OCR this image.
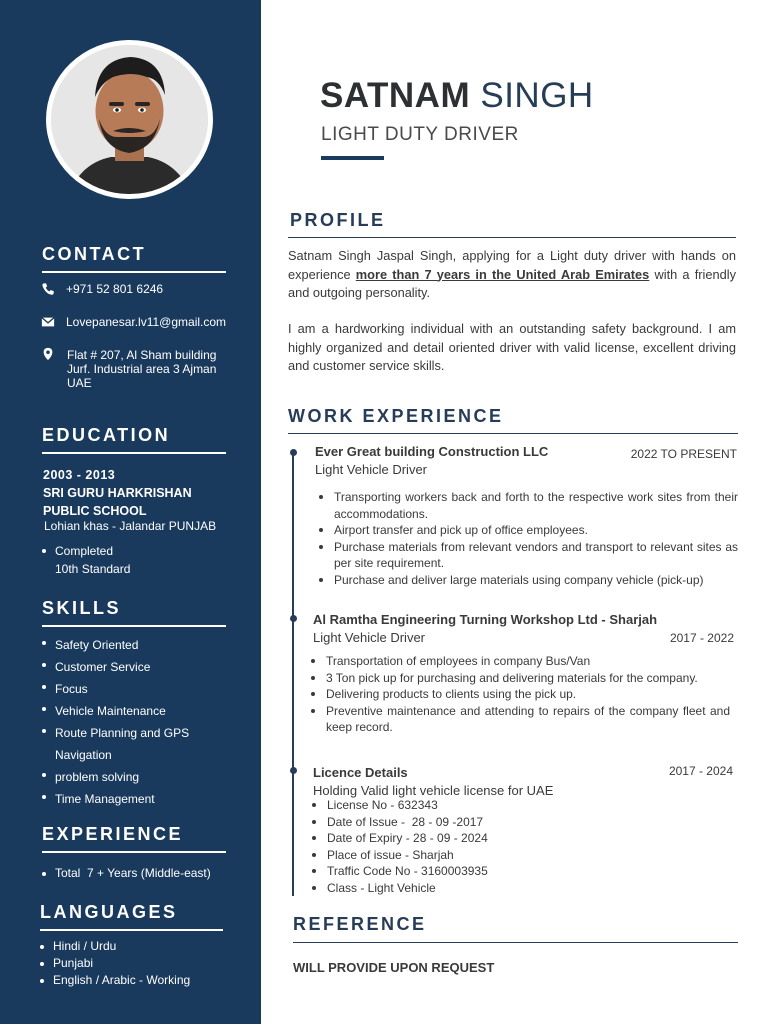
CONTACT
+971 52 801 6246
Lovepanesar.lv11@gmail.com
Flat # 207, Al Sham building
Jurf. Industrial area 3 Ajman
UAE
EDUCATION
2003 - 2013
SRI GURU HARKRISHAN
PUBLIC SCHOOL
Lohian khas - Jalandar PUNJAB
Completed
10th Standard
SKILLS
Safety Oriented
Customer Service
Focus
Vehicle Maintenance
Route Planning and GPS Navigation
problem solving
Time Management
EXPERIENCE
Total  7 + Years (Middle-east)
LANGUAGES
Hindi / Urdu
Punjabi
English / Arabic - Working
SATNAM SINGH
LIGHT DUTY DRIVER
PROFILE
Satnam Singh Jaspal Singh, applying for a Light duty driver with hands on experience more than 7 years in the United Arab Emirates with a friendly and outgoing personality.
I am a hardworking individual with an outstanding safety background. I am highly organized and detail oriented driver with valid license, excellent driving and customer service skills.
WORK EXPERIENCE
Ever Great building Construction LLC	2022 TO PRESENT
Light Vehicle Driver
Transporting workers back and forth to the respective work sites from their accommodations.
Airport transfer and pick up of office employees.
Purchase materials from relevant vendors and transport to relevant sites as per site requirement.
Purchase and deliver large materials using company vehicle (pick-up)
Al Ramtha Engineering Turning Workshop Ltd - Sharjah
Light Vehicle Driver	2017 - 2022
Transportation of employees in company Bus/Van
3 Ton pick up for purchasing and delivering materials for the company.
Delivering products to clients using the pick up.
Preventive maintenance and attending to repairs of the company fleet and keep record.
Licence Details	2017 - 2024
Holding Valid light vehicle license for UAE
License No - 632343
Date of Issue -  28 - 09 -2017
Date of Expiry - 28 - 09 - 2024
Place of issue - Sharjah
Traffic Code No - 3160003935
Class - Light Vehicle
REFERENCE
WILL PROVIDE UPON REQUEST
